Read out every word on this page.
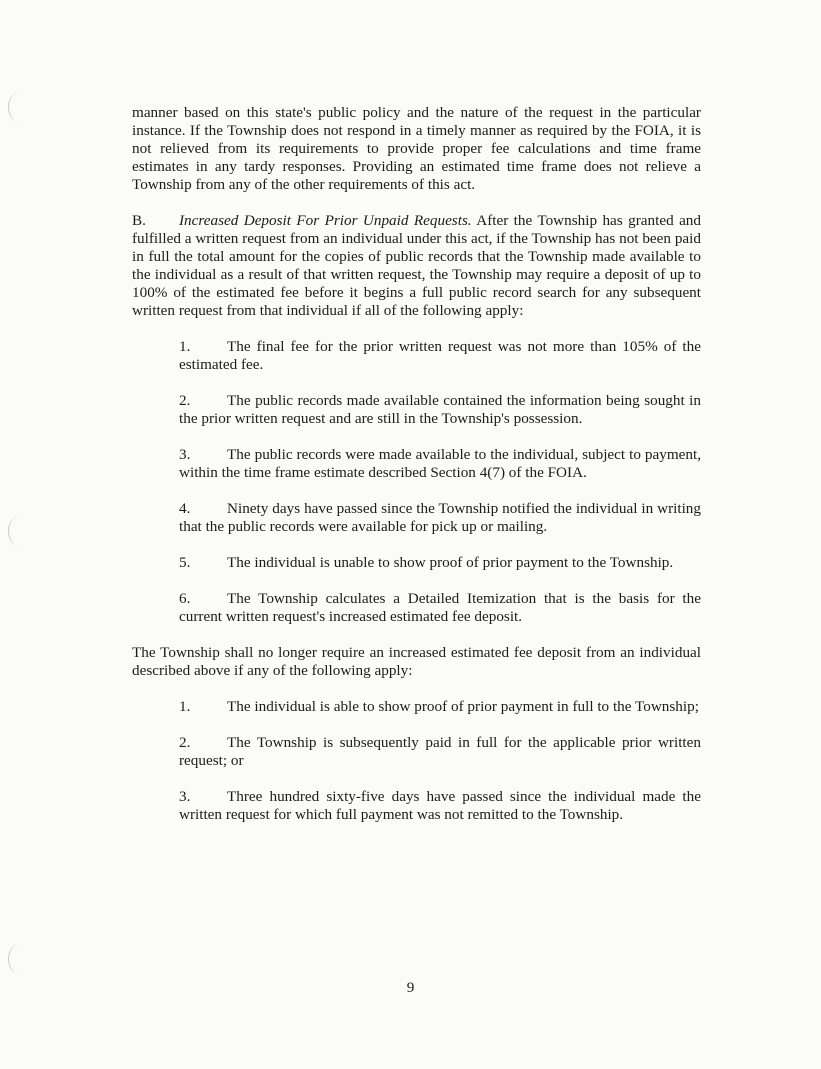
manner based on this state's public policy and the nature of the request in the particular instance. If the Township does not respond in a timely manner as required by the FOIA, it is not relieved from its requirements to provide proper fee calculations and time frame estimates in any tardy responses. Providing an estimated time frame does not relieve a Township from any of the other requirements of this act.

B. Increased Deposit For Prior Unpaid Requests. After the Township has granted and fulfilled a written request from an individual under this act, if the Township has not been paid in full the total amount for the copies of public records that the Township made available to the individual as a result of that written request, the Township may require a deposit of up to 100% of the estimated fee before it begins a full public record search for any subsequent written request from that individual if all of the following apply:

1. The final fee for the prior written request was not more than 105% of the estimated fee.

2. The public records made available contained the information being sought in the prior written request and are still in the Township's possession.

3. The public records were made available to the individual, subject to payment, within the time frame estimate described Section 4(7) of the FOIA.

4. Ninety days have passed since the Township notified the individual in writing that the public records were available for pick up or mailing.

5. The individual is unable to show proof of prior payment to the Township.

6. The Township calculates a Detailed Itemization that is the basis for the current written request's increased estimated fee deposit.

The Township shall no longer require an increased estimated fee deposit from an individual described above if any of the following apply:

1. The individual is able to show proof of prior payment in full to the Township;

2. The Township is subsequently paid in full for the applicable prior written request; or

3. Three hundred sixty-five days have passed since the individual made the written request for which full payment was not remitted to the Township.

9
